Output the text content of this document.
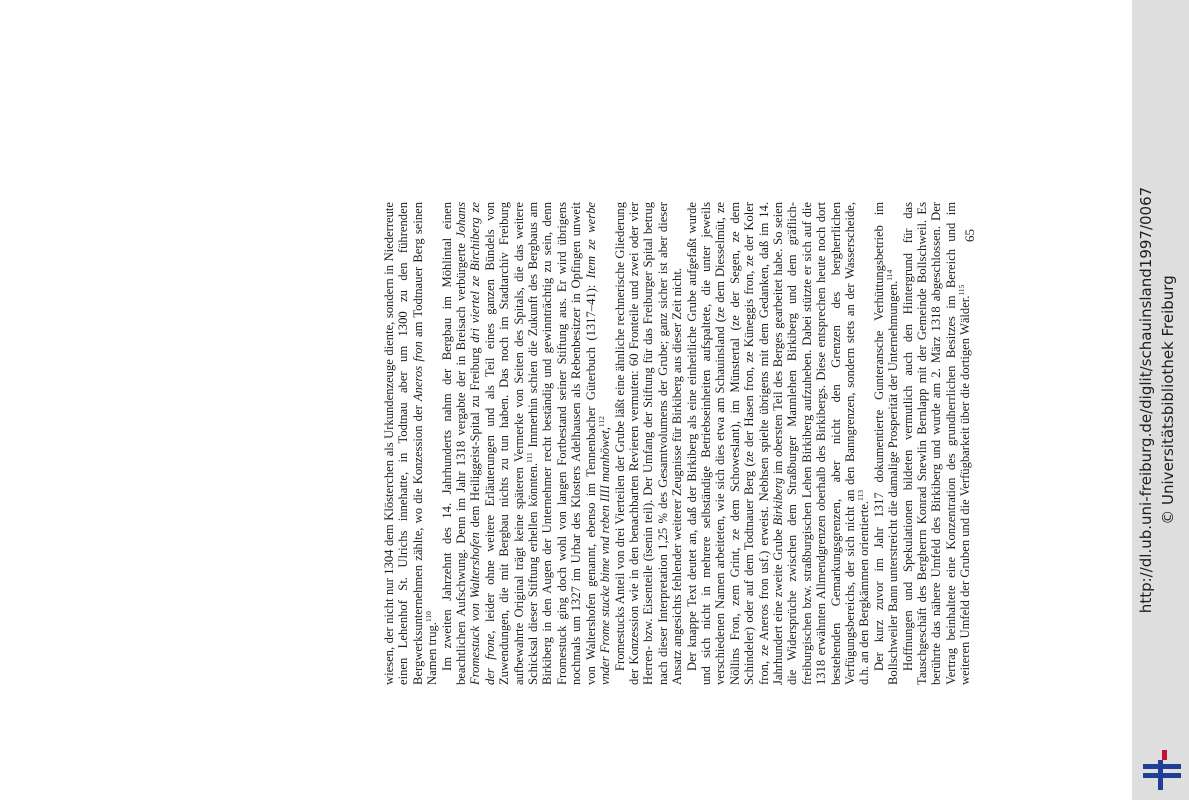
wiesen, der nicht nur 1304 dem Klösterchen als Urkundenzeuge diente, sondern in Niederreute einen Lehenhof St. Ulrichs innehatte, in Todtnau aber um 1300 zu den führenden Bergwerksunternehmen zählte, wo die Konzession der Aneros fron am Todtnauer Berg seinen Namen trug.$^{110}$ Im zweiten Jahrzehnt des 14. Jahrhunderts nahm der Bergbau im Möhlintal einen beachtlichen Aufschwung. Denn im Jahr 1318 vergabte der in Breisach verbürgerte Johans Fromestuck von Waltershofen dem Heiliggeist-Spital zu Freiburg dri viertel ze Birchiberg ze der frone, leider ohne weitere Erläuterungen und als Teil eines ganzen Bündels von Zuwendungen, die mit Bergbau nichts zu tun haben. Das noch im Stadtarchiv Freiburg aufbewahrte Original trägt keine späteren Vermerke von Seiten des Spitals, die das weitere Schicksal dieser Stiftung erhellen könnten.$^{111}$ Immerhin schien die Zukunft des Bergbaus am Birkiberg in den Augen der Unternehmer recht beständig und gewinnträchtig zu sein, denn Fromestuck ging doch wohl von langen Fortbestand seiner Stiftung aus. Er wird übrigens nochmals um 1327 im Urbar des Klosters Adelhausen als Rebenbesitzer in Opfingen unweit von Waltershofen genannt, ebenso im Tennenbacher Güterbuch (1317–41): Item ze werbe vnder Frome stucke bime vnd reben IIII manhöwet,$^{112}$ Fromestucks Anteil von drei Vierteilen der Grube läßt eine ähnliche rechnerische Gliederung der Konzession wie in den benachbarten Revieren vermuten: 60 Fronteile und zwei oder vier Herren- bzw. Eisenteile (îsenin teil). Der Umfang der Stiftung für das Freiburger Spital betrug nach dieser Interpretation 1,25 % des Gesamtvolumens der Grube; ganz sicher ist aber dieser Ansatz angesichts fehlender weiterer Zeugnisse für Birkiberg aus dieser Zeit nicht. Der knappe Text deutet an, daß der Birkiberg als eine einheitliche Grube aufgefaßt wurde und sich nicht in mehrere selbständige Betriebseinheiten aufspaltete, die unter jeweils verschiedenen Namen arbeiteten, wie sich dies etwa am Schauinsland (ze dem Diesselmüt, ze Nöllins Fron, zem Grint, ze dem Schoweslant), im Münstertal (ze der Segen, ze dem Schindeler) oder auf dem Todtnauer Berg (ze der Hasen fron, ze Küneggis fron, ze der Koler fron, ze Aneros fron usf.) erweist. Nebhsen spielte übrigens mit dem Gedanken, daß im 14. Jahrhundert eine zweite Grube Birkiberg im obersten Teil des Berges gearbeitet habe. So seien die Widersprüche zwischen dem Straßburger Mannlehen Birkiberg und dem gräflich-freiburgischen bzw. straßburgischen Lehen Birkiberg aufzuheben. Dabei stützte er sich auf die 1318 erwähnten Allmendgrenzen oberhalb des Birkibergs. Diese entsprechen heute noch dort bestehenden Gemarkungsgrenzen, aber nicht den Grenzen des bergherrlichen Verfügungsbereichs, der sich nicht an den Banngrenzen, sondern stets an der Wasserscheide, d.h. an den Bergkämmen orientierte.$^{113}$ Der kurz zuvor im Jahr 1317 dokumentierte Gunteransche Verhüttungsbetrieb im Bollschweiler Bann unterstreicht die damalige Prosperität der Unternehmungen.$^{114}$ Hoffnungen und Spekulationen bildeten vermutlich auch den Hintergrund für das Tauschgeschäft des Bergherrn Konrad Snewlin Bernlapp mit der Gemeinde Bollschweil. Es berührte das nähere Umfeld des Birkiberg und wurde am 2. März 1318 abgeschlossen. Der Vertrag beinhaltete eine Konzentration des grundherrlichen Besitzes im Bereich und im weiteren Umfeld der Gruben und die Verfügbarkeit über die dortigen Wälder.$^{115}$

65	http://dl.ub.uni-freiburg.de/diglit/schauinsland1997/0067 © Universitätsbibliothek Freiburg
